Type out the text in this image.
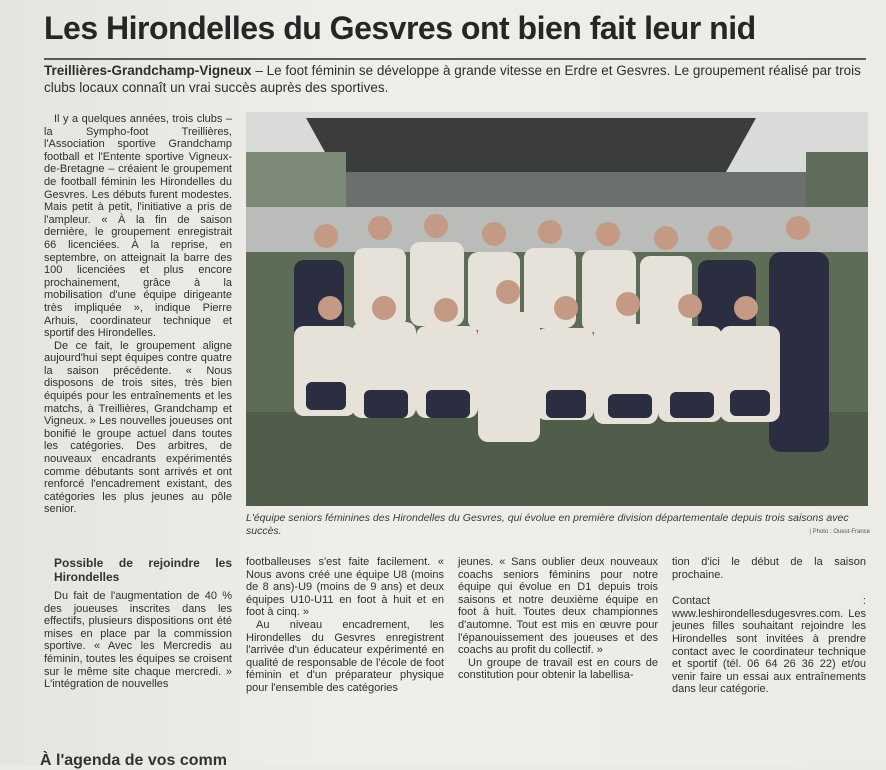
Les Hirondelles du Gesvres ont bien fait leur nid
Treillières-Grandchamp-Vigneux – Le foot féminin se développe à grande vitesse en Erdre et Gesvres. Le groupement réalisé par trois clubs locaux connaît un vrai succès auprès des sportives.

Il y a quelques années, trois clubs – la Sympho-foot Treillières, l'Association sportive Grandchamp football et l'Entente sportive Vigneux-de-Bretagne – créaient le groupement de football féminin les Hirondelles du Gesvres. Les débuts furent modestes. Mais petit à petit, l'initiative a pris de l'ampleur. « À la fin de saison dernière, le groupement enregistrait 66 licenciées. À la reprise, en septembre, on atteignait la barre des 100 licenciées et plus encore prochainement, grâce à la mobilisation d'une équipe dirigeante très impliquée », indique Pierre Arhuis, coordinateur technique et sportif des Hirondelles.

De ce fait, le groupement aligne aujourd'hui sept équipes contre quatre la saison précédente. « Nous disposons de trois sites, très bien équipés pour les entraînements et les matchs, à Treillières, Grandchamp et Vigneux. » Les nouvelles joueuses ont bonifié le groupe actuel dans toutes les catégories. Des arbitres, de nouveaux encadrants expérimentés comme débutants sont arrivés et ont renforcé l'encadrement existant, des catégories les plus jeunes au pôle senior.

Possible de rejoindre les Hirondelles

Du fait de l'augmentation de 40 % des joueuses inscrites dans les effectifs, plusieurs dispositions ont été mises en place par la commission sportive. « Avec les Mercredis au féminin, toutes les équipes se croisent sur le même site chaque mercredi. » L'intégration de nouvelles

L'équipe seniors féminines des Hirondelles du Gesvres, qui évolue en première division départementale depuis trois saisons avec succès.	| Photo : Ouest-France

footballeuses s'est faite facilement. « Nous avons créé une équipe U8 (moins de 8 ans)-U9 (moins de 9 ans) et deux équipes U10-U11 en foot à huit et en foot à cinq. »

Au niveau encadrement, les Hirondelles du Gesvres enregistrent l'arrivée d'un éducateur expérimenté en qualité de responsable de l'école de foot féminin et d'un préparateur physique pour l'ensemble des catégories

jeunes. « Sans oublier deux nouveaux coachs seniors féminins pour notre équipe qui évolue en D1 depuis trois saisons et notre deuxième équipe en foot à huit. Toutes deux championnes d'automne. Tout est mis en œuvre pour l'épanouissement des joueuses et des coachs au profit du collectif. »

Un groupe de travail est en cours de constitution pour obtenir la labellisa-

tion d'ici le début de la saison prochaine.

Contact : www.leshirondellesdugesvres.com. Les jeunes filles souhaitant rejoindre les Hirondelles sont invitées à prendre contact avec le coordinateur technique et sportif (tél. 06 64 26 36 22) et/ou venir faire un essai aux entraînements dans leur catégorie.

À l'agenda de vos comm
